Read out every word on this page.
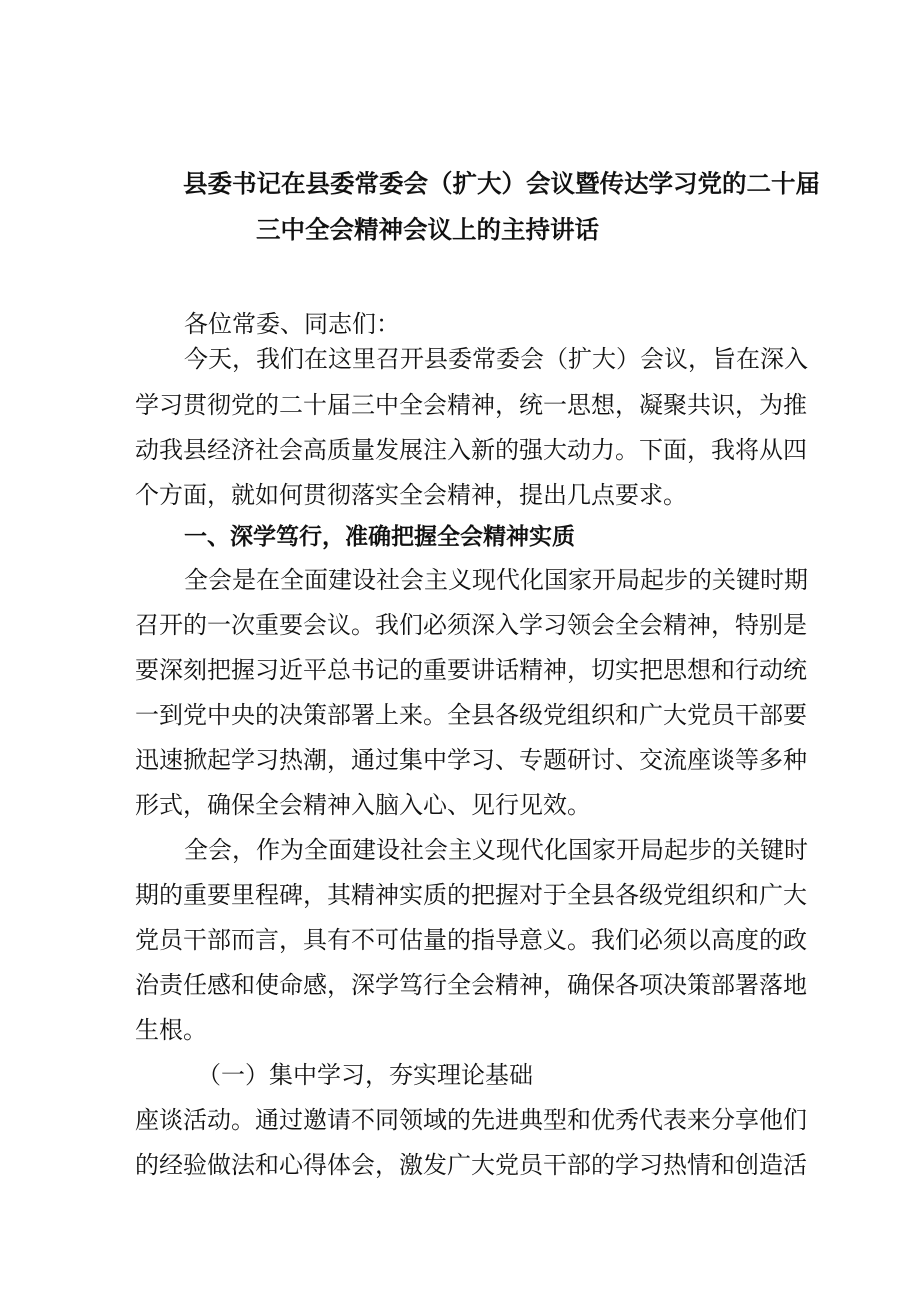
县委书记在县委常委会（扩大）会议暨传达学习党的二十届
三中全会精神会议上的主持讲话
各位常委、同志们：
今天，我们在这里召开县委常委会（扩大）会议，旨在深入
学习贯彻党的二十届三中全会精神，统一思想，凝聚共识，为推
动我县经济社会高质量发展注入新的强大动力。下面，我将从四
个方面，就如何贯彻落实全会精神，提出几点要求。
一、深学笃行，准确把握全会精神实质
全会是在全面建设社会主义现代化国家开局起步的关键时期
召开的一次重要会议。我们必须深入学习领会全会精神，特别是
要深刻把握习近平总书记的重要讲话精神，切实把思想和行动统
一到党中央的决策部署上来。全县各级党组织和广大党员干部要
迅速掀起学习热潮，通过集中学习、专题研讨、交流座谈等多种
形式，确保全会精神入脑入心、见行见效。
全会，作为全面建设社会主义现代化国家开局起步的关键时
期的重要里程碑，其精神实质的把握对于全县各级党组织和广大
党员干部而言，具有不可估量的指导意义。我们必须以高度的政
治责任感和使命感，深学笃行全会精神，确保各项决策部署落地
生根。
（一）集中学习，夯实理论基础
座谈活动。通过邀请不同领域的先进典型和优秀代表来分享他们
的经验做法和心得体会，激发广大党员干部的学习热情和创造活
